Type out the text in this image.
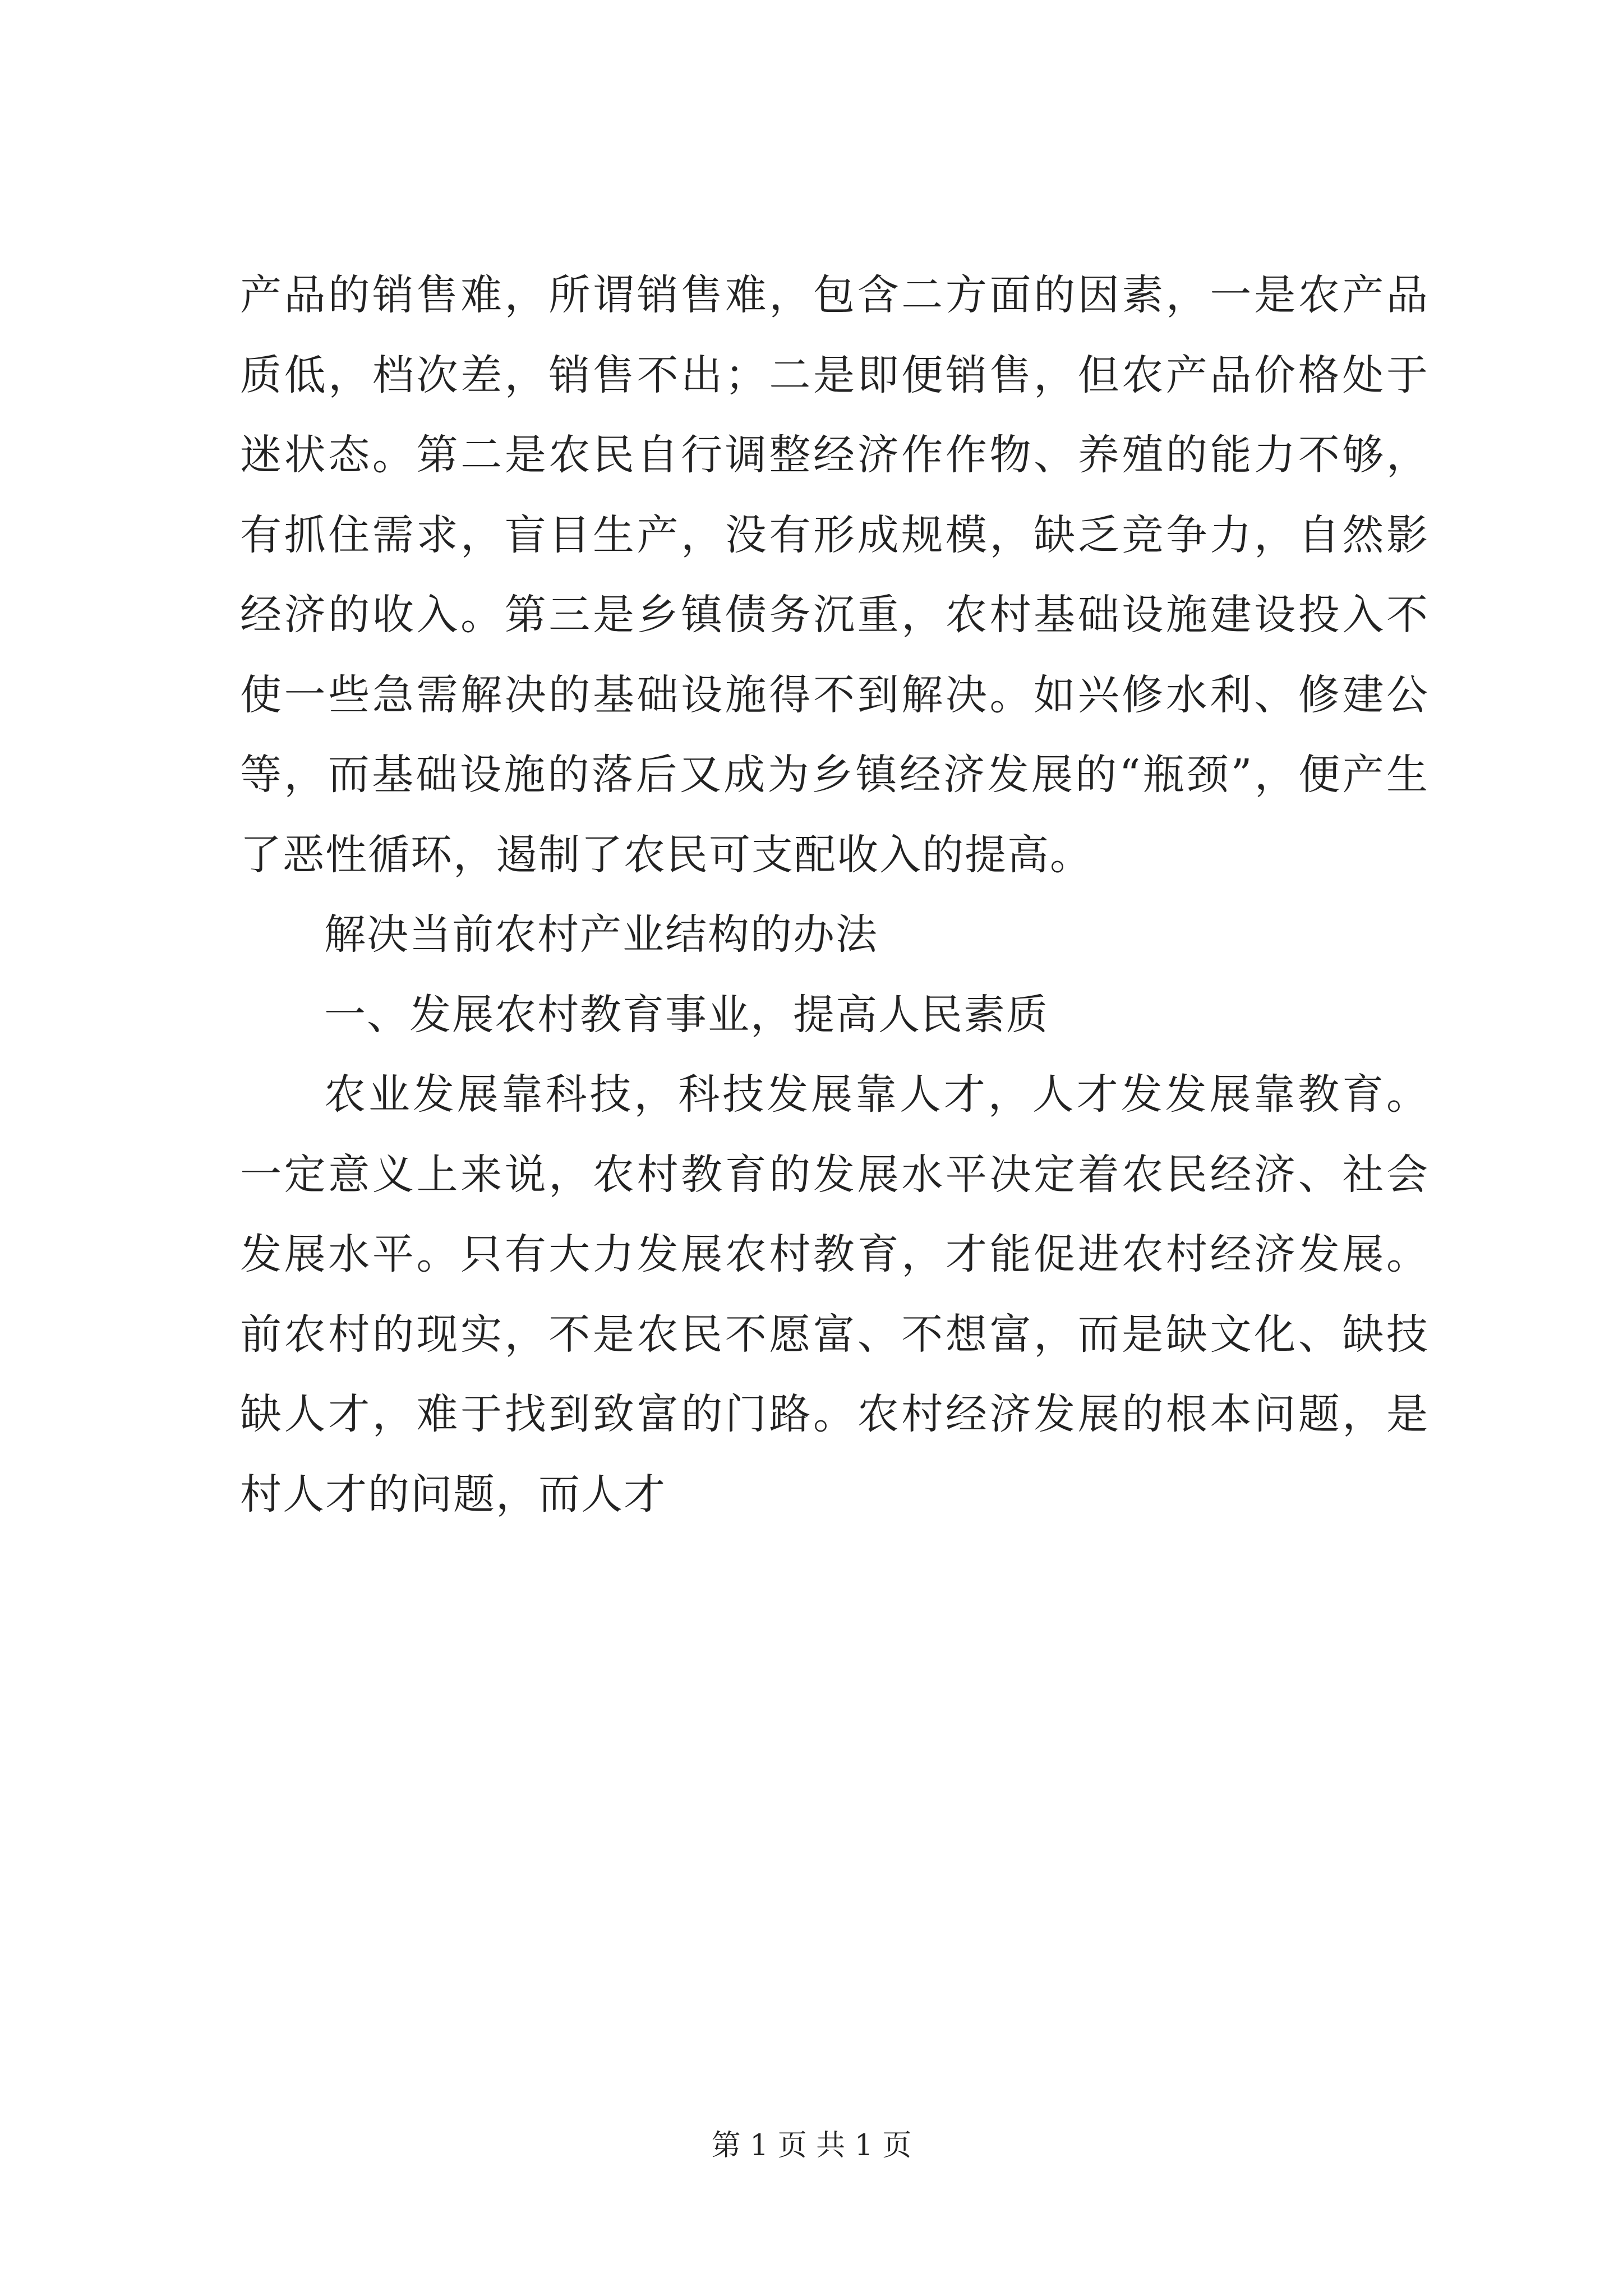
产品的销售难，所谓销售难，包含二方面的因素，一是农产品
质低，档次差，销售不出；二是即便销售，但农产品价格处于
迷状态。第二是农民自行调整经济作作物、养殖的能力不够，
有抓住需求，盲目生产，没有形成规模，缺乏竞争力，自然影
经济的收入。第三是乡镇债务沉重，农村基础设施建设投入不
使一些急需解决的基础设施得不到解决。如兴修水利、修建公
等，而基础设施的落后又成为乡镇经济发展的“瓶颈”，便产生
了恶性循环，遏制了农民可支配收入的提高。
解决当前农村产业结构的办法
一、发展农村教育事业，提高人民素质
农业发展靠科技，科技发展靠人才，人才发发展靠教育。
一定意义上来说，农村教育的发展水平决定着农民经济、社会
发展水平。只有大力发展农村教育，才能促进农村经济发展。
前农村的现实，不是农民不愿富、不想富，而是缺文化、缺技
缺人才，难于找到致富的门路。农村经济发展的根本问题，是
村人才的问题，而人才
第 1 页 共 1 页
